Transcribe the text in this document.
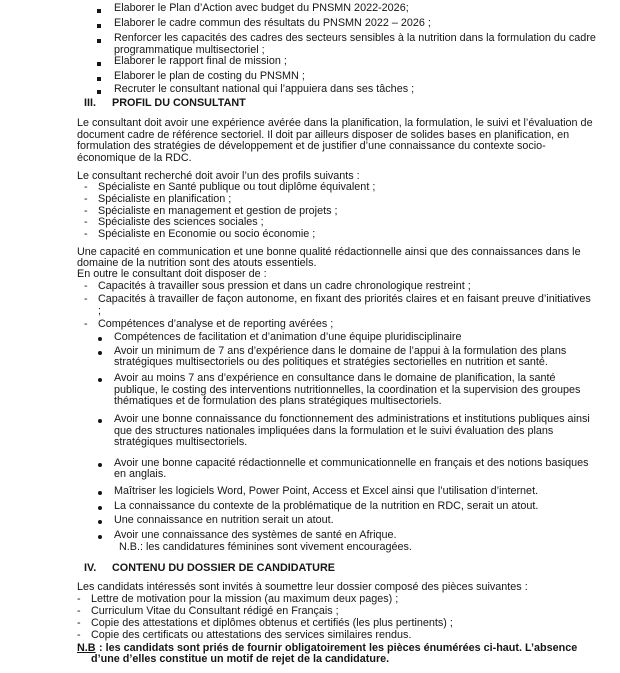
Elaborer le Plan d’Action avec budget du PNSMN 2022-2026;
Elaborer le cadre commun des résultats du PNSMN 2022 – 2026 ;
Renforcer les capacités des cadres des secteurs sensibles à la nutrition dans la formulation du cadre
programmatique multisectoriel ;
Elaborer le rapport final de mission ;
Elaborer le plan de costing du PNSMN ;
Recruter le consultant national qui l’appuiera dans ses tâches ;
III. PROFIL DU CONSULTANT
Le consultant doit avoir une expérience avérée dans la planification, la formulation, le suivi et l’évaluation de
document cadre de référence sectoriel. Il doit par ailleurs disposer de solides bases en planification, en
formulation des stratégies de développement et de justifier d’une connaissance du contexte socio-
économique de la RDC.
Le consultant recherché doit avoir l’un des profils suivants :
- Spécialiste en Santé publique ou tout diplôme équivalent ;
- Spécialiste en planification ;
- Spécialiste en management et gestion de projets ;
- Spécialiste des sciences sociales ;
- Spécialiste en Economie ou socio économie ;
Une capacité en communication et une bonne qualité rédactionnelle ainsi que des connaissances dans le
domaine de la nutrition sont des atouts essentiels.
En outre le consultant doit disposer de :
- Capacités à travailler sous pression et dans un cadre chronologique restreint ;
- Capacités à travailler de façon autonome, en fixant des priorités claires et en faisant preuve d’initiatives
;
- Compétences d’analyse et de reporting avérées ;
Compétences de facilitation et d’animation d’une équipe pluridisciplinaire
Avoir un minimum de 7 ans d’expérience dans le domaine de l’appui à la formulation des plans
stratégiques multisectoriels ou des politiques et stratégies sectorielles en nutrition et santé.
Avoir au moins 7 ans d’expérience en consultance dans le domaine de planification, la santé
publique, le costing des interventions nutritionnelles, la coordination et la supervision des groupes
thématiques et de formulation des plans stratégiques multisectoriels.
Avoir une bonne connaissance du fonctionnement des administrations et institutions publiques ainsi
que des structures nationales impliquées dans la formulation et le suivi évaluation des plans
stratégiques multisectoriels.
Avoir une bonne capacité rédactionnelle et communicationnelle en français et des notions basiques
en anglais.
Maîtriser les logiciels Word, Power Point, Access et Excel ainsi que l’utilisation d’internet.
La connaissance du contexte de la problématique de la nutrition en RDC, serait un atout.
Une connaissance en nutrition serait un atout.
Avoir une connaissance des systèmes de santé en Afrique.
N.B.: les candidatures féminines sont vivement encouragées.
IV. CONTENU DU DOSSIER DE CANDIDATURE
Les candidats intéressés sont invités à soumettre leur dossier composé des pièces suivantes :
- Lettre de motivation pour la mission (au maximum deux pages) ;
- Curriculum Vitae du Consultant rédigé en Français ;
- Copie des attestations et diplômes obtenus et certifiés (les plus pertinents) ;
- Copie des certificats ou attestations des services similaires rendus.
N.B : les candidats sont priés de fournir obligatoirement les pièces énumérées ci-haut. L’absence
d’une d’elles constitue un motif de rejet de la candidature.
